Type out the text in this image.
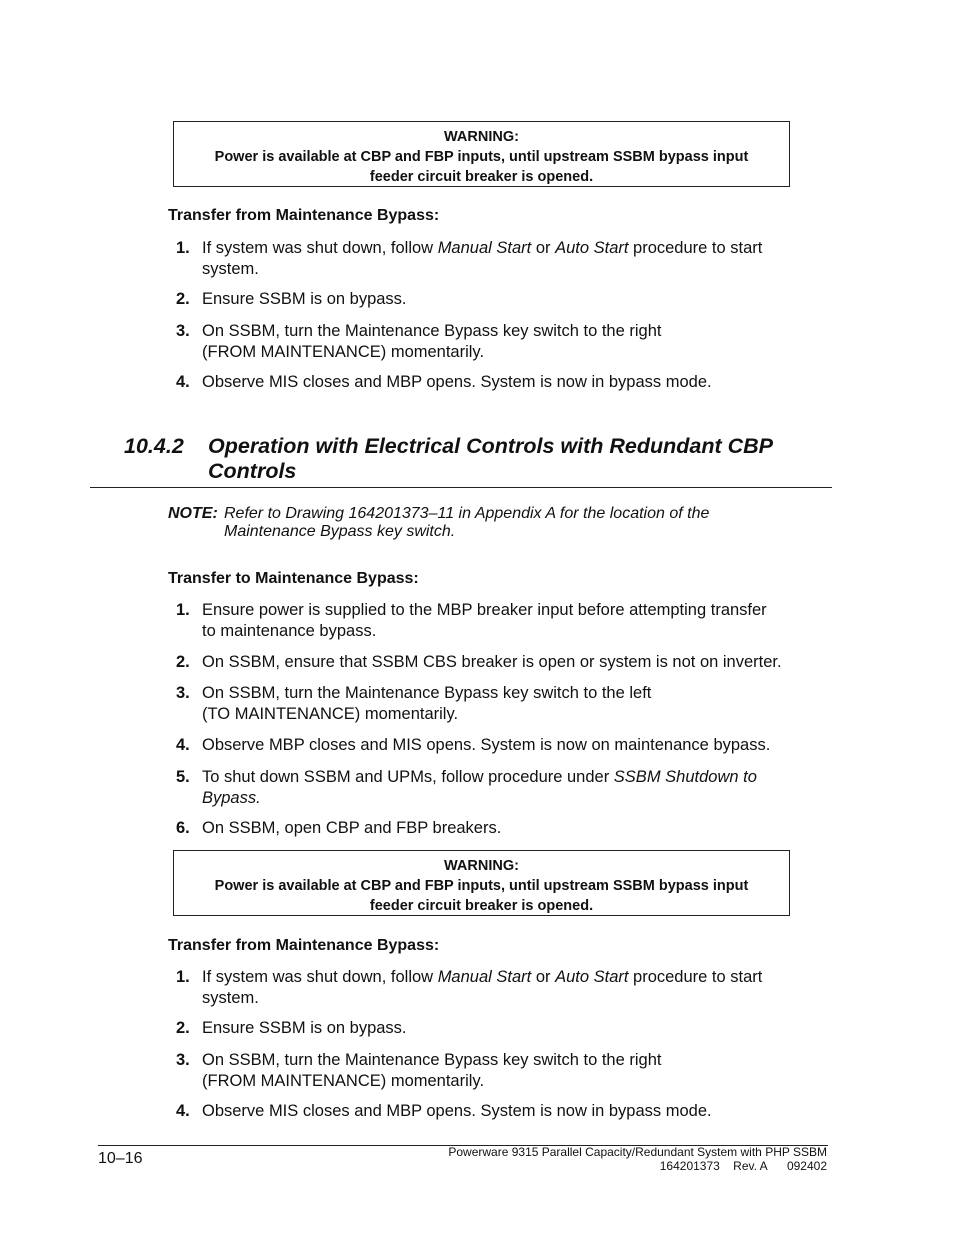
WARNING:
Power is available at CBP and FBP inputs, until upstream SSBM bypass input
feeder circuit breaker is opened.
Transfer from Maintenance Bypass:
1. If system was shut down, follow Manual Start or Auto Start procedure to start
system.
2. Ensure SSBM is on bypass.
3. On SSBM, turn the Maintenance Bypass key switch to the right
(FROM MAINTENANCE) momentarily.
4. Observe MIS closes and MBP opens. System is now in bypass mode.
10.4.2	Operation with Electrical Controls with Redundant CBP
Controls
NOTE: Refer to Drawing 164201373–11 in Appendix A for the location of the
Maintenance Bypass key switch.
Transfer to Maintenance Bypass:
1. Ensure power is supplied to the MBP breaker input before attempting transfer
to maintenance bypass.
2. On SSBM, ensure that SSBM CBS breaker is open or system is not on inverter.
3. On SSBM, turn the Maintenance Bypass key switch to the left
(TO MAINTENANCE) momentarily.
4. Observe MBP closes and MIS opens. System is now on maintenance bypass.
5. To shut down SSBM and UPMs, follow procedure under SSBM Shutdown to
Bypass.
6. On SSBM, open CBP and FBP breakers.
WARNING:
Power is available at CBP and FBP inputs, until upstream SSBM bypass input
feeder circuit breaker is opened.
Transfer from Maintenance Bypass:
1. If system was shut down, follow Manual Start or Auto Start procedure to start
system.
2. Ensure SSBM is on bypass.
3. On SSBM, turn the Maintenance Bypass key switch to the right
(FROM MAINTENANCE) momentarily.
4. Observe MIS closes and MBP opens. System is now in bypass mode.
10–16	Powerware 9315 Parallel Capacity/Redundant System with PHP SSBM
164201373    Rev. A      092402
